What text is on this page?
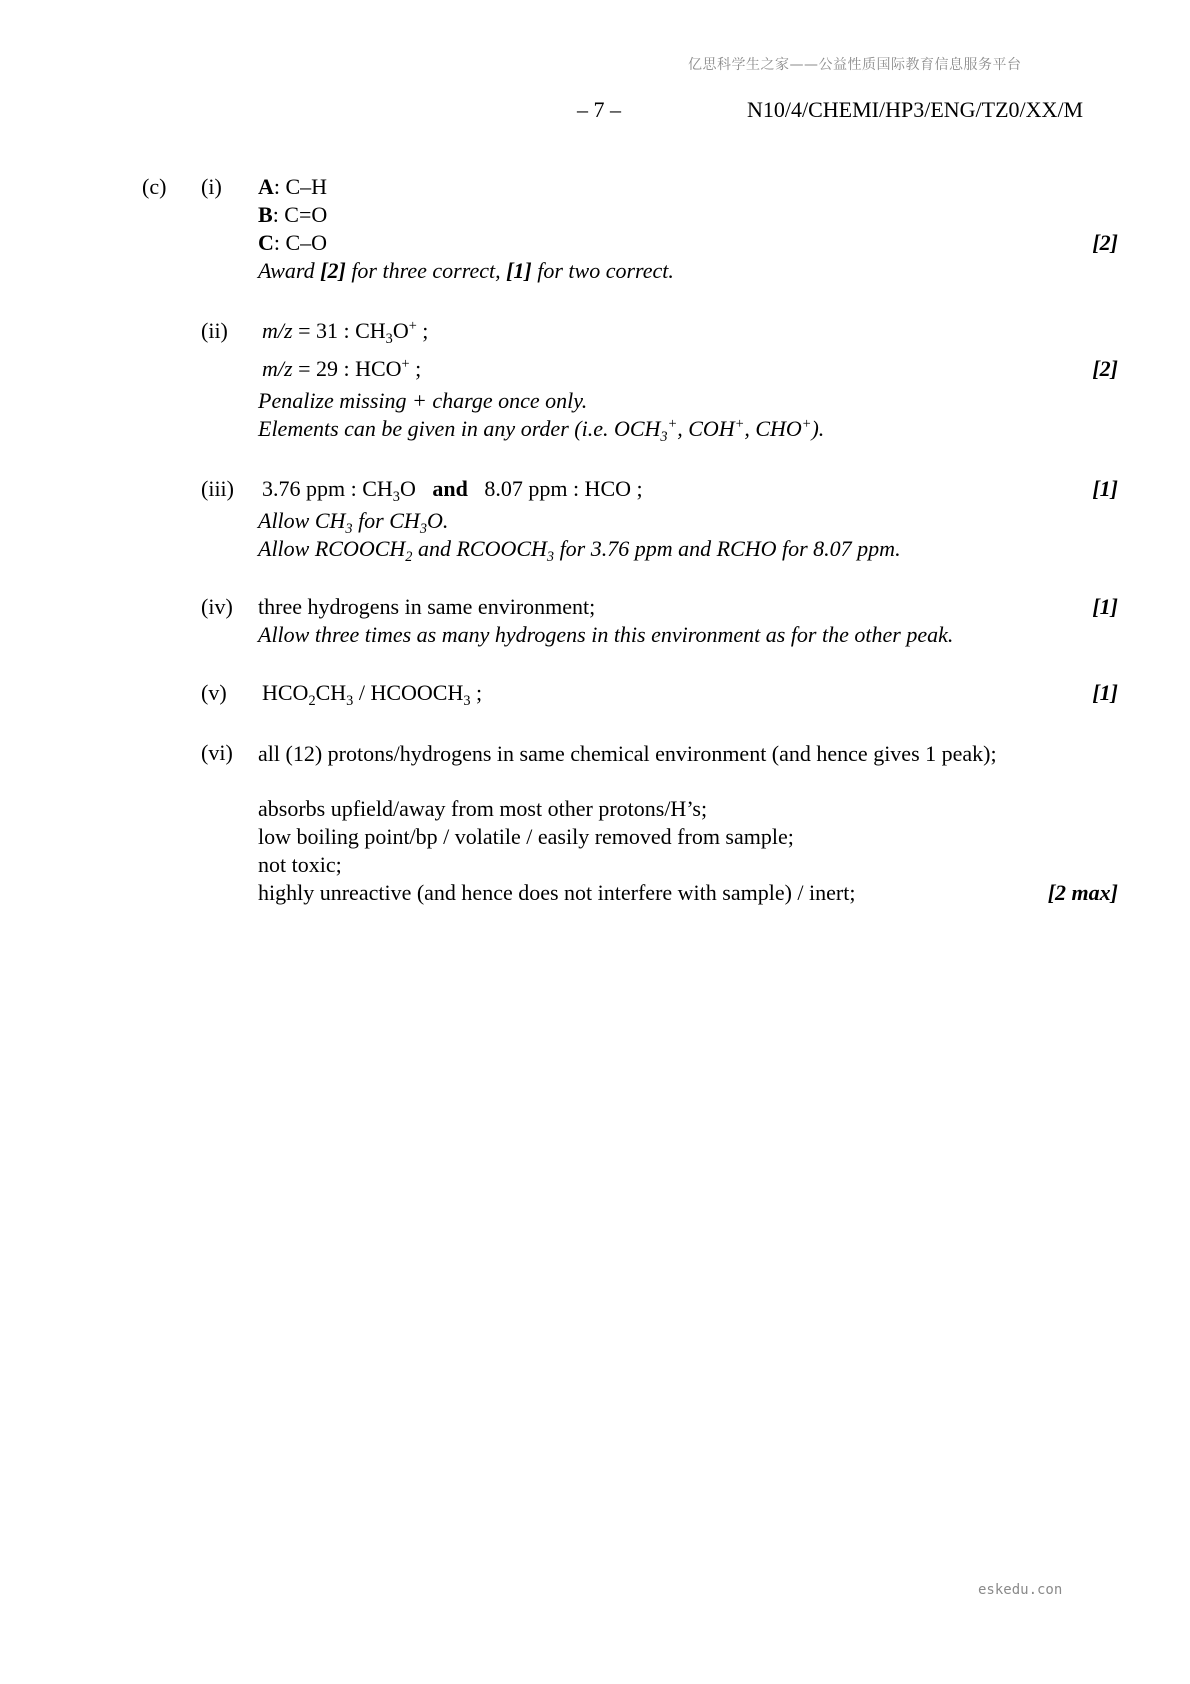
亿思科学生之家——公益性质国际教育信息服务平台
eskedu.con
– 7 –	N10/4/CHEMI/HP3/ENG/TZ0/XX/M
(c) (i) A: C–H
B: C=O
C: C–O	[2]
Award [2] for three correct, [1] for two correct.
(ii) m/z = 31 : $CH_3O^+$ ;
m/z = 29 : HCO+ ;	[2]
Penalize missing + charge once only.
Elements can be given in any order (i.e. $OCH_3^+$, COH+, CHO+).
(iii) 3.76 ppm : $CH_3O$ and 8.07 ppm : HCO ;	[1]
Allow $CH_3$ for $CH_3O$.
Allow $RCOOCH_2$ and $RCOOCH_3$ for 3.76 ppm and RCHO for 8.07 ppm.
(iv) three hydrogens in same environment;	[1]
Allow three times as many hydrogens in this environment as for the other peak.
(v) $HCO_2CH_3$ / $HCOOCH_3$ ;	[1]
(vi) all (12) protons/hydrogens in same chemical environment (and hence gives 1 peak);
absorbs upfield/away from most other protons/H’s;
low boiling point/bp / volatile / easily removed from sample;
not toxic;
highly unreactive (and hence does not interfere with sample) / inert;	[2 max]
